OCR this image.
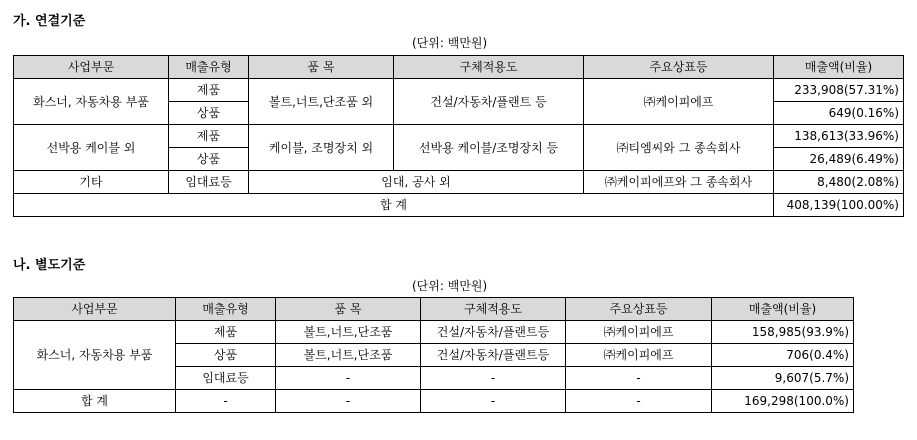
가. 연결기준
(단위: 백만원)
사업부문	매출유형	품 목	구체적용도	주요상표등	매출액(비율)
화스너, 자동차용 부품	제품	볼트,너트,단조품 외	건설/자동차/플랜트 등	㈜케이피에프	233,908(57.31%)
	상품				649(0.16%)
선박용 케이블 외	제품	케이블, 조명장치 외	선박용 케이블/조명장치 등	㈜티엠씨와 그 종속회사	138,613(33.96%)
	상품				26,489(6.49%)
기타	임대료등	임대, 공사 외		㈜케이피에프와 그 종속회사	8,480(2.08%)
합 계					408,139(100.00%)
나. 별도기준
(단위: 백만원)
사업부문	매출유형	품 목	구체적용도	주요상표등	매출액(비율)
화스너, 자동차용 부품	제품	볼트,너트,단조품	건설/자동차/플랜트등	㈜케이피에프	158,985(93.9%)
	상품	볼트,너트,단조품	건설/자동차/플랜트등	㈜케이피에프	706(0.4%)
	임대료등	-	-	-	9,607(5.7%)
합 계	-	-	-	-	169,298(100.0%)
